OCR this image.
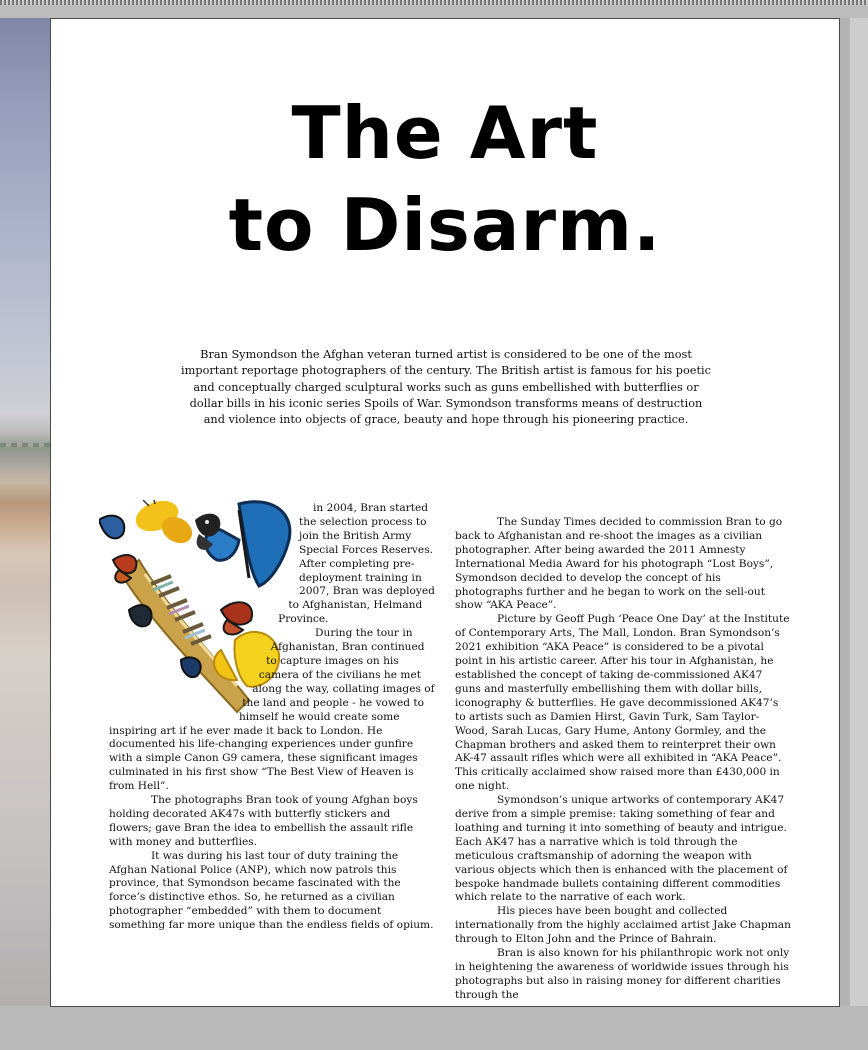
The Art
to Disarm.
Bran Symondson the Afghan veteran turned artist is considered to be one of the most important reportage photographers of the century. The British artist is famous for his poetic and conceptually charged sculptural works such as guns embellished with butterflies or dollar bills in his iconic series Spoils of War. Symondson transforms means of destruction and violence into objects of grace, beauty and hope through his pioneering practice.

in 2004, Bran started the selection process to join the British Army Special Forces Reserves. After completing pre-deployment training in 2007, Bran was deployed to Afghanistan, Helmand Province.

During the tour in Afghanistan, Bran continued to capture images on his camera of the civilians he met along the way, collating images of the land and people - he vowed to himself he would create some inspiring art if he ever made it back to London. He documented his life-changing experiences under gunfire with a simple Canon G9 camera, these significant images culminated in his first show “The Best View of Heaven is from Hell”.

The photographs Bran took of young Afghan boys holding decorated AK47s with butterfly stickers and flowers; gave Bran the idea to embellish the assault rifle with money and butterflies.

It was during his last tour of duty training the Afghan National Police (ANP), which now patrols this province, that Symondson became fascinated with the force’s distinctive ethos. So, he returned as a civilian photographer “embedded” with them to document something far more unique than the endless fields of opium.

The Sunday Times decided to commission Bran to go back to Afghanistan and re-shoot the images as a civilian photographer. After being awarded the 2011 Amnesty International Media Award for his photograph “Lost Boys”, Symondson decided to develop the concept of his photographs further and he began to work on the sell-out show “AKA Peace”.

Picture by Geoff Pugh ‘Peace One Day’ at the Institute of Contemporary Arts, The Mall, London. Bran Symondson’s 2021 exhibition “AKA Peace” is considered to be a pivotal point in his artistic career. After his tour in Afghanistan, he established the concept of taking de-commissioned AK47 guns and masterfully embellishing them with dollar bills, iconography & butterflies. He gave decommissioned AK47’s to artists such as Damien Hirst, Gavin Turk, Sam Taylor-Wood, Sarah Lucas, Gary Hume, Antony Gormley, and the Chapman brothers and asked them to reinterpret their own AK-47 assault rifles which were all exhibited in “AKA Peace”. This critically acclaimed show raised more than £430,000 in one night.

Symondson’s unique artworks of contemporary AK47 derive from a simple premise: taking something of fear and loathing and turning it into something of beauty and intrigue. Each AK47 has a narrative which is told through the meticulous craftsmanship of adorning the weapon with various objects which then is enhanced with the placement of bespoke handmade bullets containing different commodities which relate to the narrative of each work.

His pieces have been bought and collected internationally from the highly acclaimed artist Jake Chapman through to Elton John and the Prince of Bahrain.

Bran is also known for his philanthropic work not only in heightening the awareness of worldwide issues through his photographs but also in raising money for different charities through the
